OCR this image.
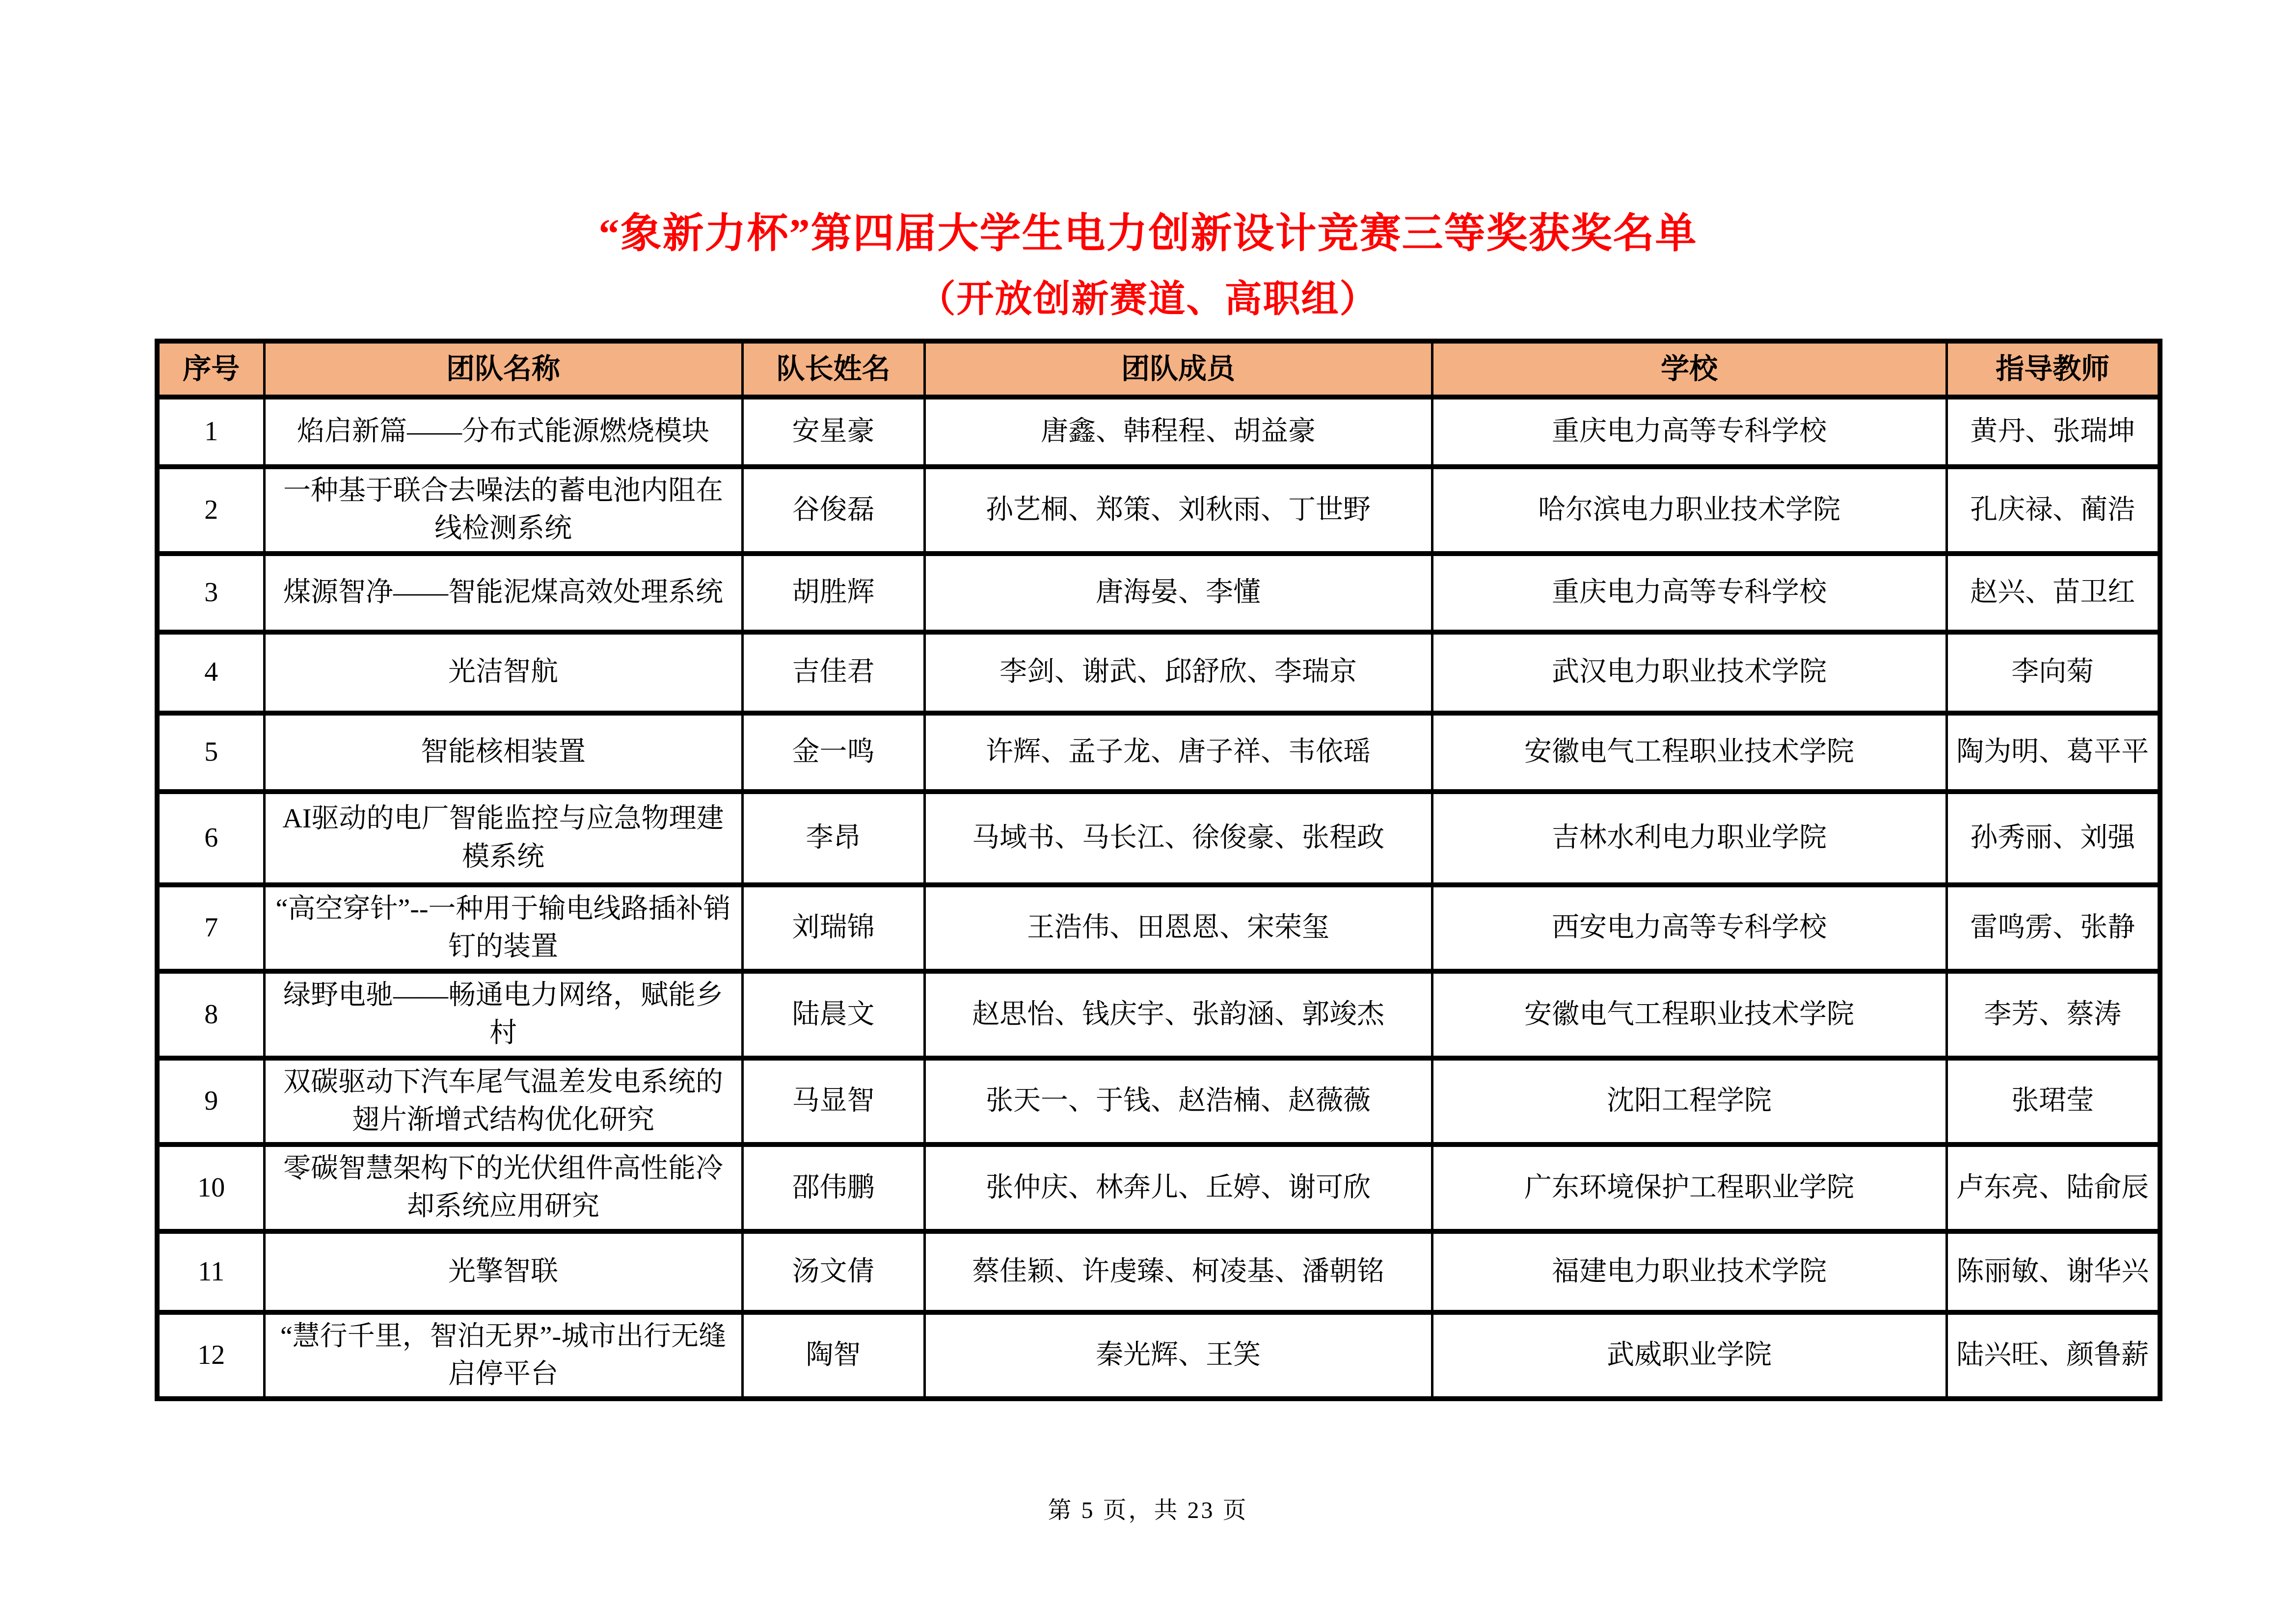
“象新力杯”第四届大学生电力创新设计竞赛三等奖获奖名单
（开放创新赛道、高职组）
序号	团队名称	队长姓名	团队成员	学校	指导教师
1	焰启新篇——分布式能源燃烧模块	安星豪	唐鑫、韩程程、胡益豪	重庆电力高等专科学校	黄丹、张瑞坤
2	一种基于联合去噪法的蓄电池内阻在线检测系统	谷俊磊	孙艺桐、郑策、刘秋雨、丁世野	哈尔滨电力职业技术学院	孔庆禄、蔺浩
3	煤源智净——智能泥煤高效处理系统	胡胜辉	唐海晏、李懂	重庆电力高等专科学校	赵兴、苗卫红
4	光洁智航	吉佳君	李剑、谢武、邱舒欣、李瑞京	武汉电力职业技术学院	李向菊
5	智能核相装置	金一鸣	许辉、孟子龙、唐子祥、韦依瑶	安徽电气工程职业技术学院	陶为明、葛平平
6	AI驱动的电厂智能监控与应急物理建模系统	李昂	马域书、马长江、徐俊豪、张程政	吉林水利电力职业学院	孙秀丽、刘强
7	“高空穿针”--一种用于输电线路插补销钉的装置	刘瑞锦	王浩伟、田恩恩、宋荣玺	西安电力高等专科学校	雷鸣雳、张静
8	绿野电驰——畅通电力网络，赋能乡村	陆晨文	赵思怡、钱庆宇、张韵涵、郭竣杰	安徽电气工程职业技术学院	李芳、蔡涛
9	双碳驱动下汽车尾气温差发电系统的翅片渐增式结构优化研究	马显智	张天一、于钱、赵浩楠、赵薇薇	沈阳工程学院	张珺莹
10	零碳智慧架构下的光伏组件高性能冷却系统应用研究	邵伟鹏	张仲庆、林奔儿、丘婷、谢可欣	广东环境保护工程职业学院	卢东亮、陆俞辰
11	光擎智联	汤文倩	蔡佳颖、许虔臻、柯凌基、潘朝铭	福建电力职业技术学院	陈丽敏、谢华兴
12	“慧行千里，智泊无界”-城市出行无缝启停平台	陶智	秦光辉、王笑	武威职业学院	陆兴旺、颜鲁薪
第 5 页，共 23 页
